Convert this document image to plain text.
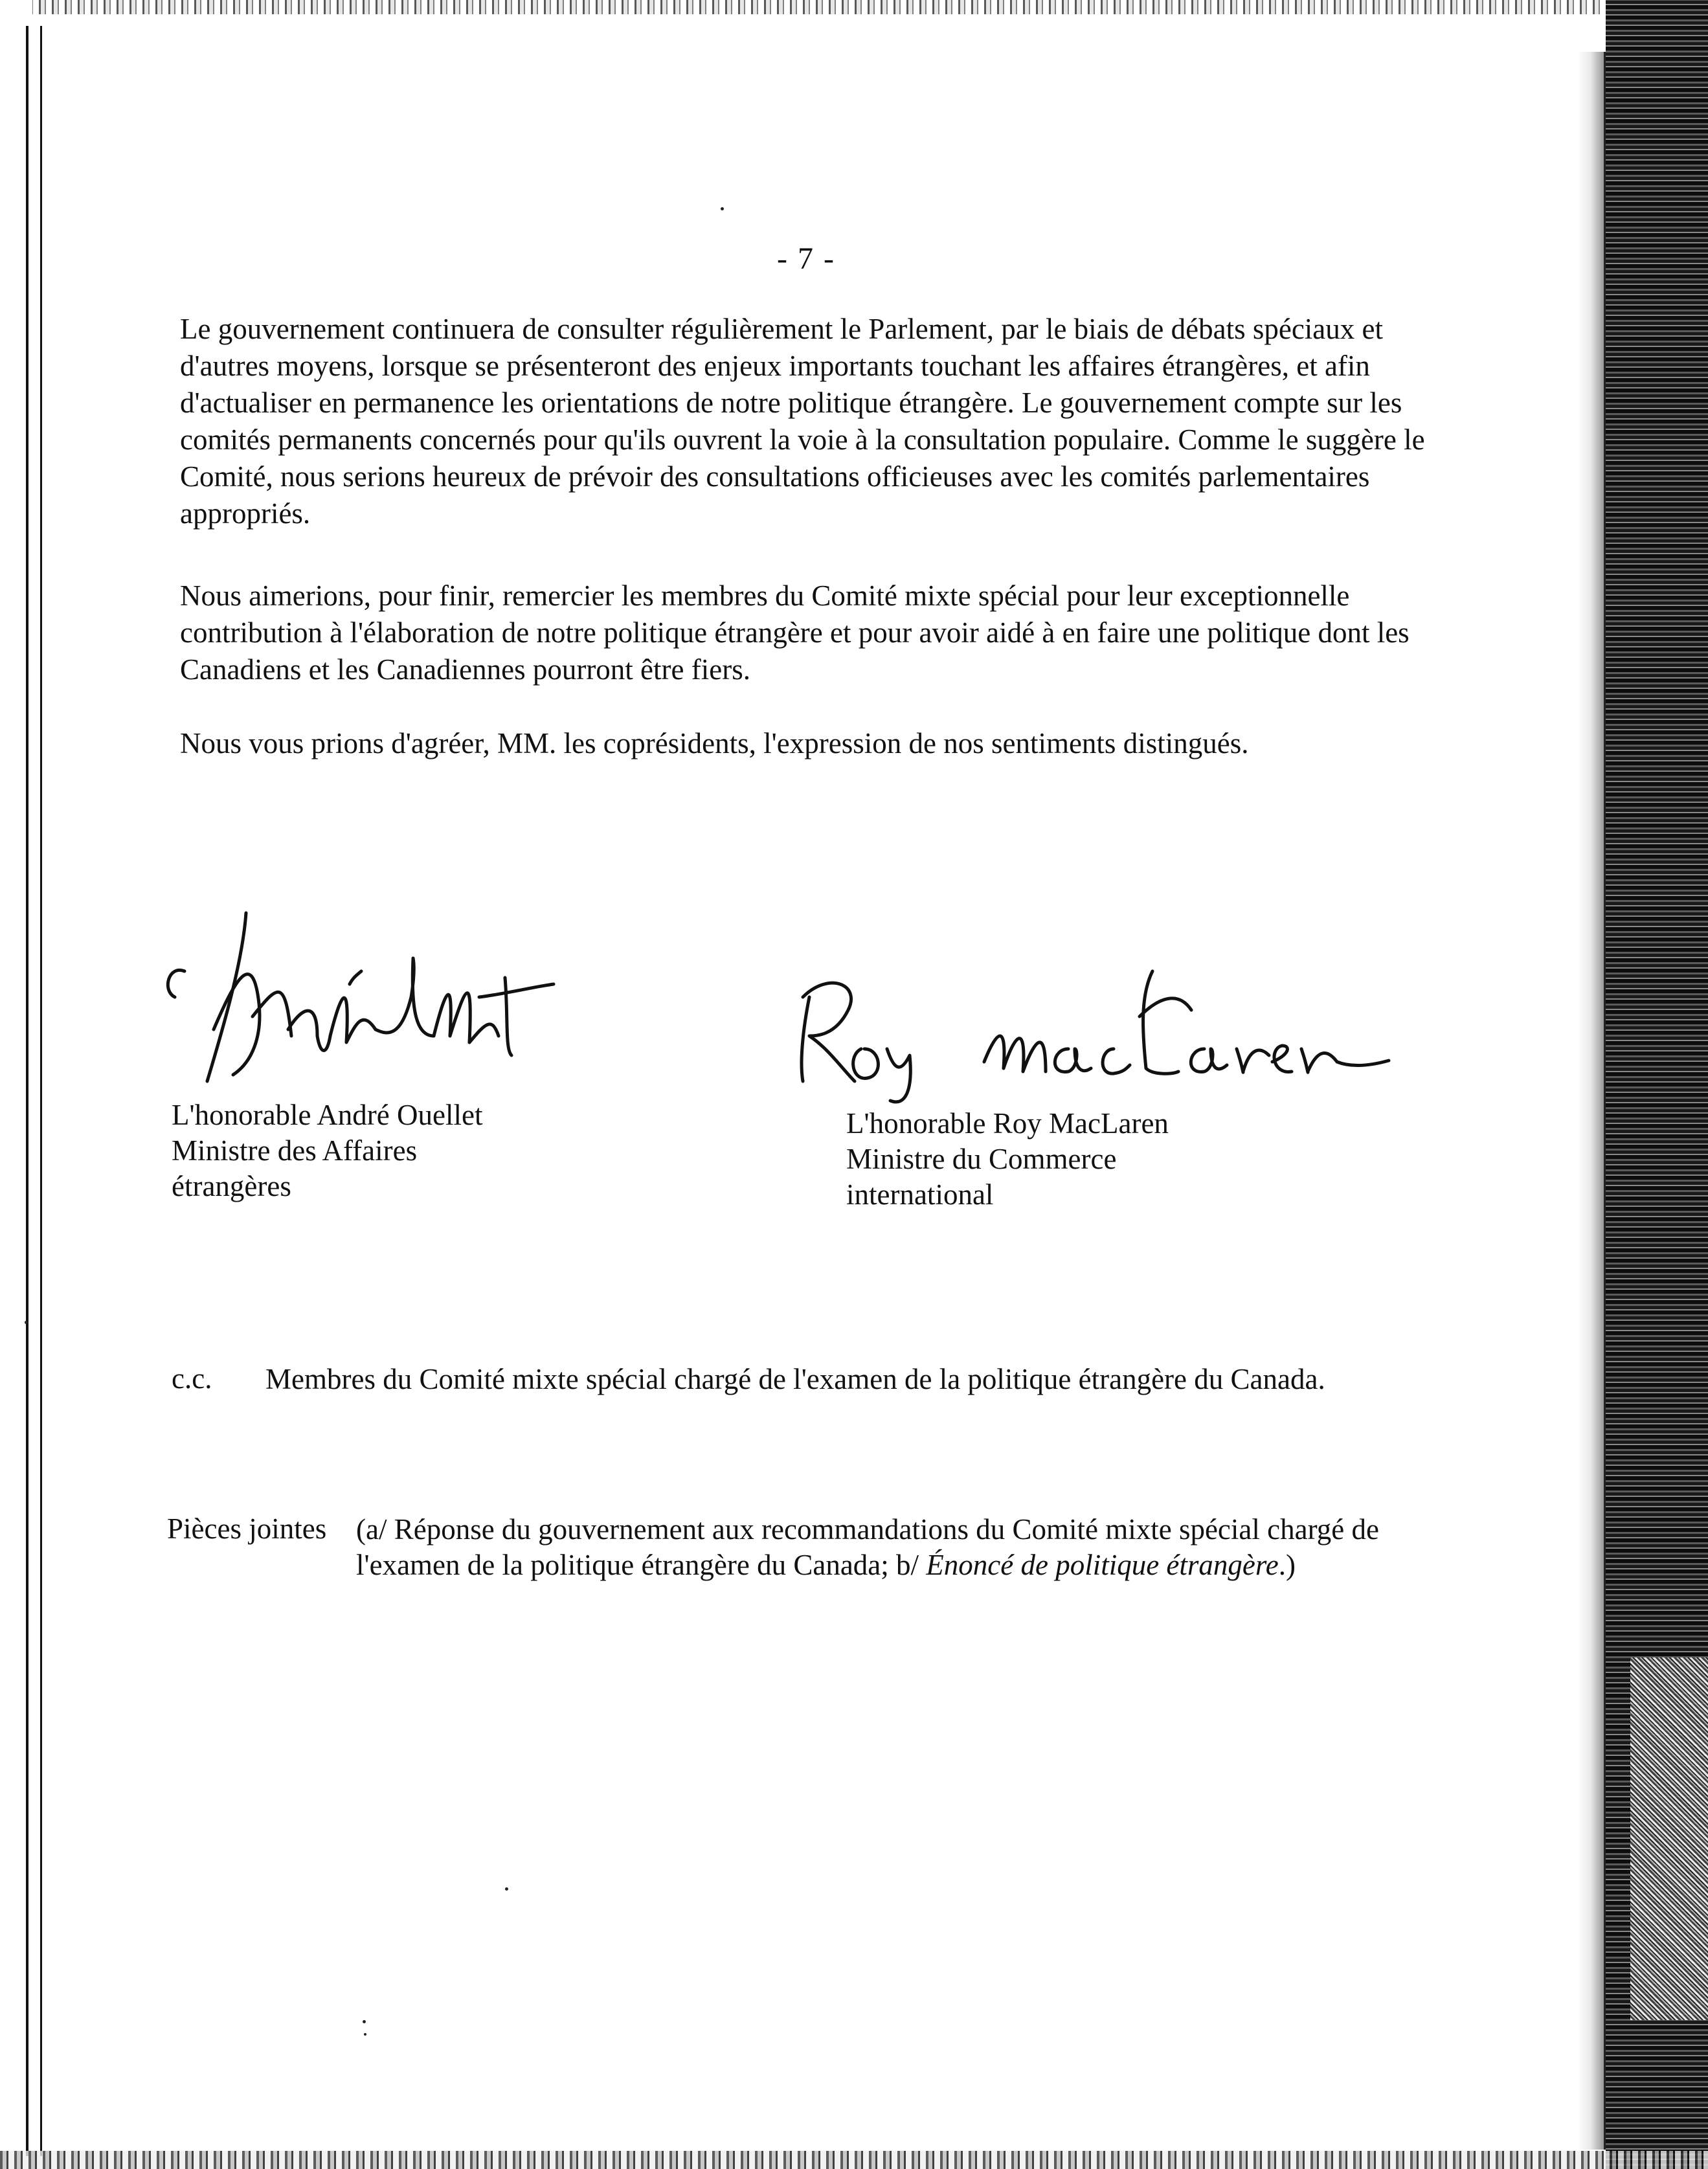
- 7 -

Le gouvernement continuera de consulter régulièrement le Parlement, par le biais de débats spéciaux et d'autres moyens, lorsque se présenteront des enjeux importants touchant les affaires étrangères, et afin d'actualiser en permanence les orientations de notre politique étrangère. Le gouvernement compte sur les comités permanents concernés pour qu'ils ouvrent la voie à la consultation populaire. Comme le suggère le Comité, nous serions heureux de prévoir des consultations officieuses avec les comités parlementaires appropriés.

Nous aimerions, pour finir, remercier les membres du Comité mixte spécial pour leur exceptionnelle contribution à l'élaboration de notre politique étrangère et pour avoir aidé à en faire une politique dont les Canadiens et les Canadiennes pourront être fiers.

Nous vous prions d'agréer, MM. les coprésidents, l'expression de nos sentiments distingués.

L'honorable André Ouellet
Ministre des Affaires
étrangères
L'honorable Roy MacLaren
Ministre du Commerce
international
c.c. Membres du Comité mixte spécial chargé de l'examen de la politique étrangère du Canada.
Pièces jointes (a/ Réponse du gouvernement aux recommandations du Comité mixte spécial chargé de l'examen de la politique étrangère du Canada; b/ Énoncé de politique étrangère.)
